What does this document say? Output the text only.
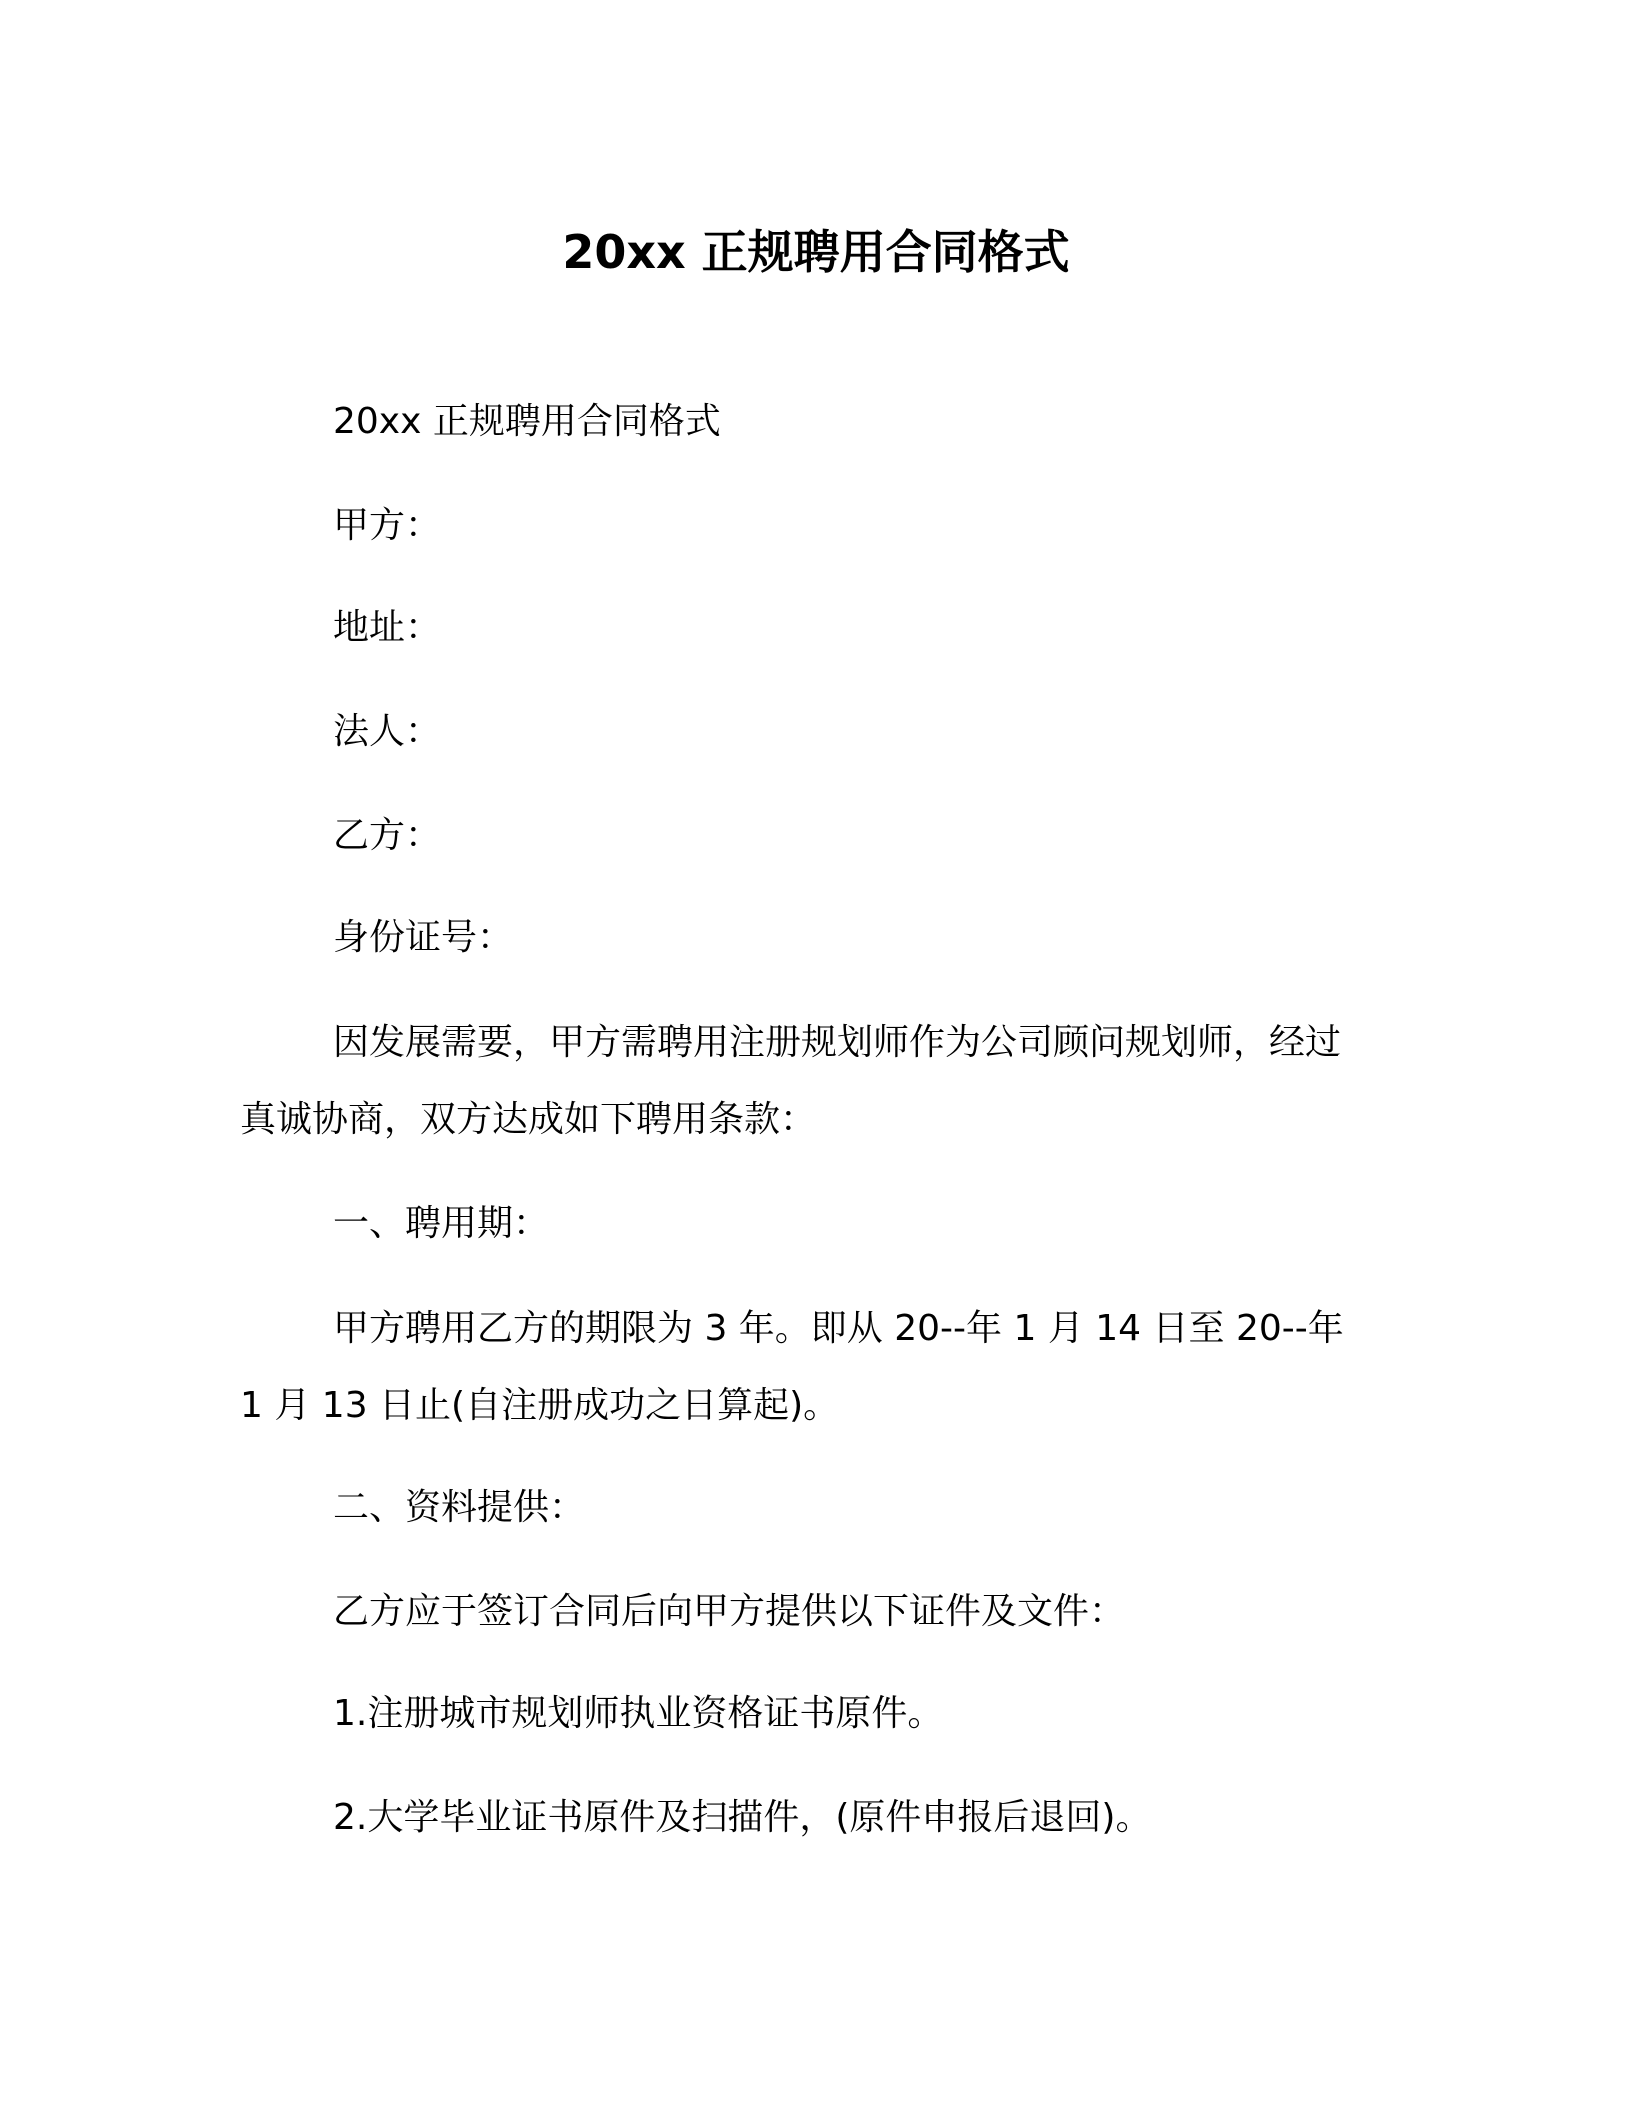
20xx 正规聘用合同格式
20xx 正规聘用合同格式
甲方：
地址：
法人：
乙方：
身份证号：
因发展需要，甲方需聘用注册规划师作为公司顾问规划师，经过真诚协商，双方达成如下聘用条款：
一、聘用期：
甲方聘用乙方的期限为 3 年。即从 20--年 1 月 14 日至 20--年 1 月 13 日止(自注册成功之日算起)。
二、资料提供：
乙方应于签订合同后向甲方提供以下证件及文件：
1.注册城市规划师执业资格证书原件。
2.大学毕业证书原件及扫描件，(原件申报后退回)。
